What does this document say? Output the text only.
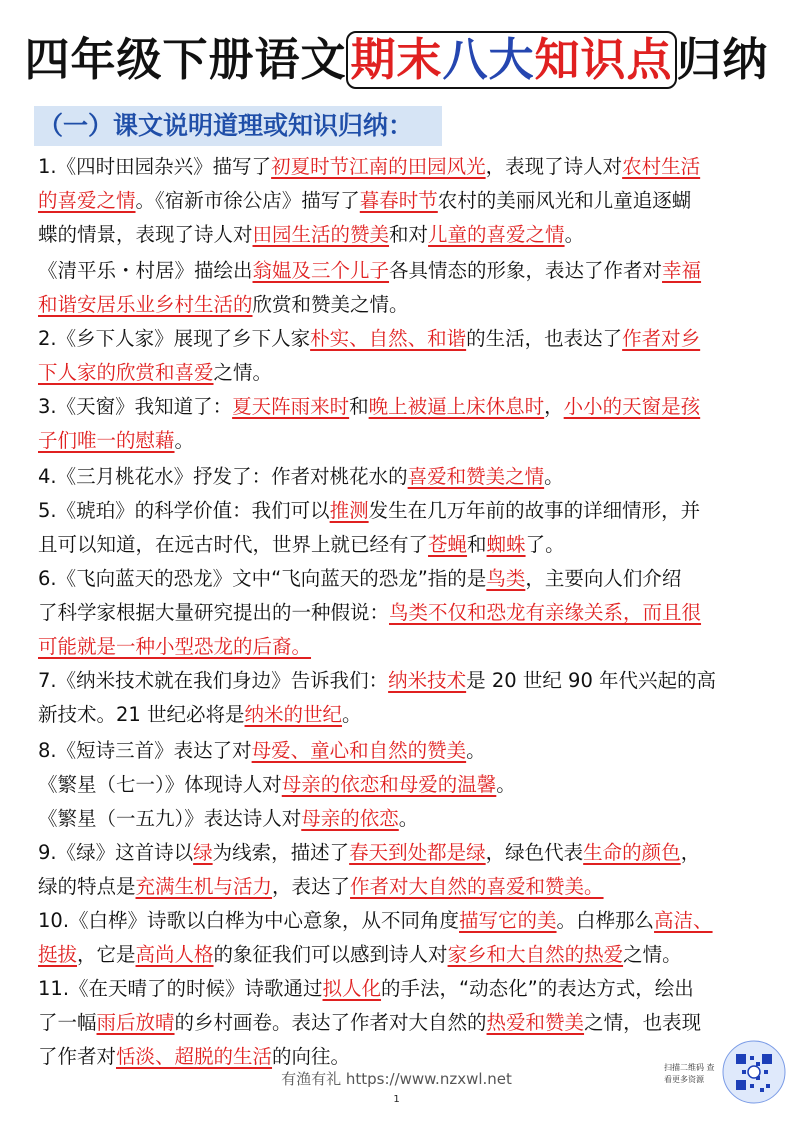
四年级下册语文期末八大知识点归纳
（一）课文说明道理或知识归纳：
1.《四时田园杂兴》描写了初夏时节江南的田园风光，表现了诗人对农村生活
的喜爱之情。《宿新市徐公店》描写了暮春时节农村的美丽风光和儿童追逐蝴
蝶的情景，表现了诗人对田园生活的赞美和对儿童的喜爱之情。
《清平乐・村居》描绘出翁媪及三个儿子各具情态的形象，表达了作者对幸福
和谐安居乐业乡村生活的欣赏和赞美之情。
2.《乡下人家》展现了乡下人家朴实、自然、和谐的生活，也表达了作者对乡
下人家的欣赏和喜爱之情。
3.《天窗》我知道了：夏天阵雨来时和晚上被逼上床休息时，小小的天窗是孩
子们唯一的慰藉。
4.《三月桃花水》抒发了：作者对桃花水的喜爱和赞美之情。
5.《琥珀》的科学价值：我们可以推测发生在几万年前的故事的详细情形，并
且可以知道，在远古时代，世界上就已经有了苍蝇和蜘蛛了。
6.《飞向蓝天的恐龙》文中“飞向蓝天的恐龙”指的是鸟类，主要向人们介绍
了科学家根据大量研究提出的一种假说：鸟类不仅和恐龙有亲缘关系，而且很
可能就是一种小型恐龙的后裔。
7.《纳米技术就在我们身边》告诉我们：纳米技术是 20 世纪 90 年代兴起的高
新技术。21 世纪必将是纳米的世纪。
8.《短诗三首》表达了对母爱、童心和自然的赞美。
《繁星（七一）》体现诗人对母亲的依恋和母爱的温馨。
《繁星（一五九）》表达诗人对母亲的依恋。
9.《绿》这首诗以绿为线索，描述了春天到处都是绿，绿色代表生命的颜色，
绿的特点是充满生机与活力，表达了作者对大自然的喜爱和赞美。
10.《白桦》诗歌以白桦为中心意象，从不同角度描写它的美。白桦那么高洁、
挺拔，它是高尚人格的象征我们可以感到诗人对家乡和大自然的热爱之情。
11.《在天晴了的时候》诗歌通过拟人化的手法，“动态化”的表达方式，绘出
了一幅雨后放晴的乡村画卷。表达了作者对大自然的热爱和赞美之情，也表现
了作者对恬淡、超脱的生活的向往。	扫描二维码 查看更多资源
有渔有礼 https://www.nzxwl.net
1
